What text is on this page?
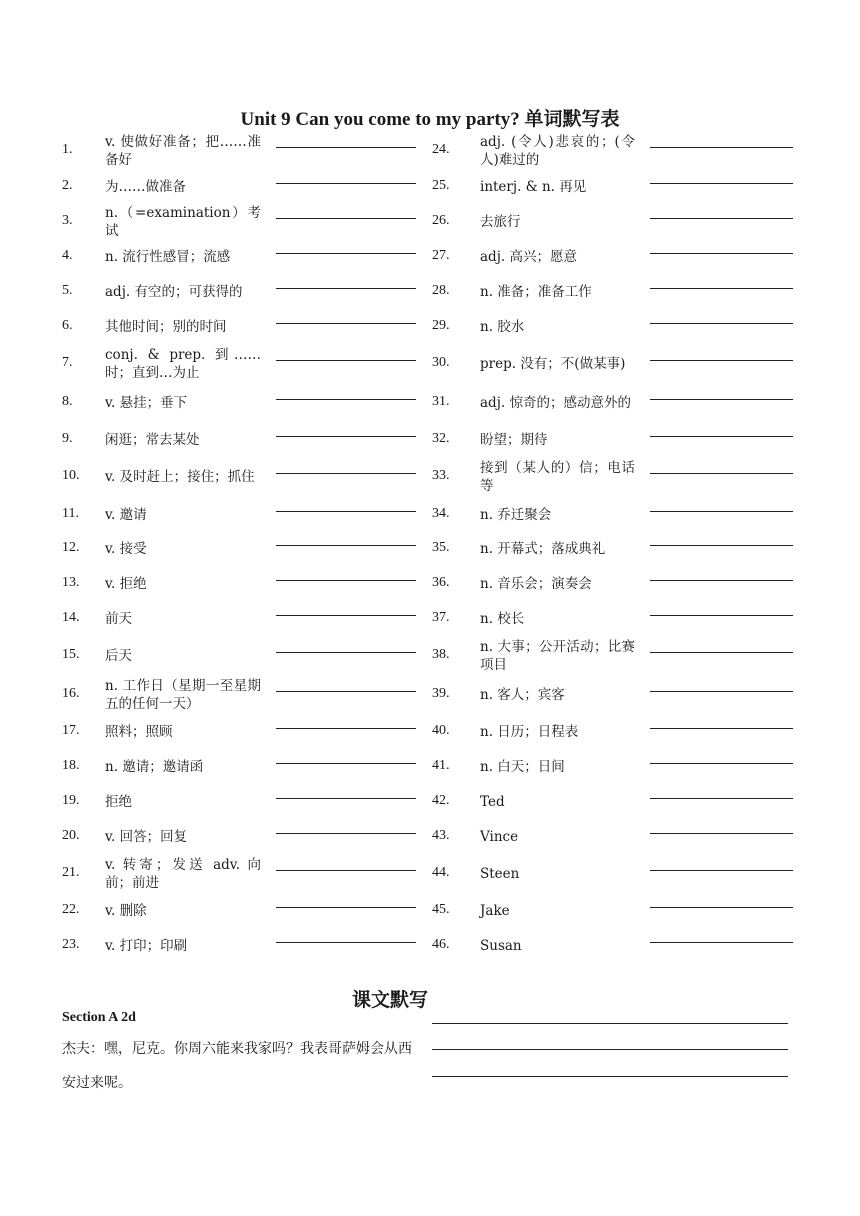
Unit 9 Can you come to my party? 单词默写表
1.	v. 使做好准备；把……准备好
2.	为……做准备
3.	n.（=examination）考试
4.	n. 流行性感冒；流感
5.	adj. 有空的；可获得的
6.	其他时间；别的时间
7.	conj. & prep. 到……时；直到…为止
8.	v. 悬挂；垂下
9.	闲逛；常去某处
10.	v. 及时赶上；接住；抓住
11.	v. 邀请
12.	v. 接受
13.	v. 拒绝
14.	前天
15.	后天
16.	n. 工作日（星期一至星期五的任何一天）
17.	照料；照顾
18.	n. 邀请；邀请函
19.	拒绝
20.	v. 回答；回复
21.	v. 转寄；发送 adv. 向前；前进
22.	v. 删除
23.	v. 打印；印刷
24.	adj. (令人)悲哀的；(令人)难过的
25.	interj. & n. 再见
26.	去旅行
27.	adj. 高兴；愿意
28.	n. 准备；准备工作
29.	n. 胶水
30.	prep. 没有；不(做某事)
31.	adj. 惊奇的；感动意外的
32.	盼望；期待
33.	接到（某人的）信；电话等
34.	n. 乔迁聚会
35.	n. 开幕式；落成典礼
36.	n. 音乐会；演奏会
37.	n. 校长
38.	n. 大事；公开活动；比赛项目
39.	n. 客人；宾客
40.	n. 日历；日程表
41.	n. 白天；日间
42.	Ted
43.	Vince
44.	Steen
45.	Jake
46.	Susan
课文默写
Section A 2d
杰夫：嘿，尼克。你周六能来我家吗？我表哥萨姆会从西安过来呢。
